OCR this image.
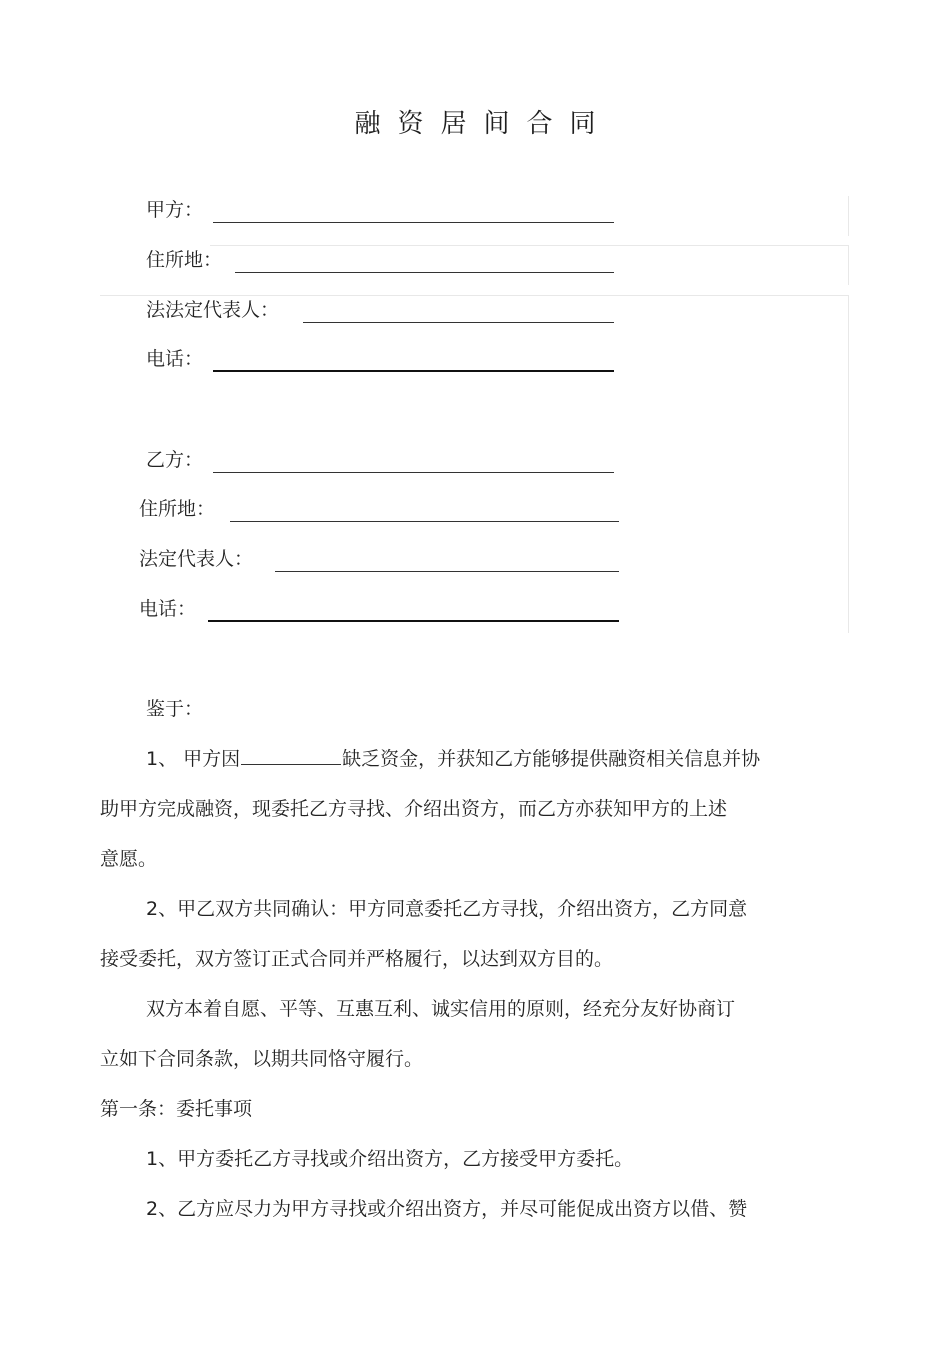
融资居间合同
甲方：
住所地：
法法定代表人：
电话：
乙方：
住所地：
法定代表人：
电话：

鉴于：

1、 甲方因	缺乏资金，并获知乙方能够提供融资相关信息并协

助甲方完成融资，现委托乙方寻找、介绍出资方，而乙方亦获知甲方的上述

意愿。

2、甲乙双方共同确认：甲方同意委托乙方寻找，介绍出资方，乙方同意

接受委托，双方签订正式合同并严格履行，以达到双方目的。

双方本着自愿、平等、互惠互利、诚实信用的原则，经充分友好协商订

立如下合同条款，以期共同恪守履行。

第一条：委托事项

1、甲方委托乙方寻找或介绍出资方，乙方接受甲方委托。

2、乙方应尽力为甲方寻找或介绍出资方，并尽可能促成出资方以借、赞
